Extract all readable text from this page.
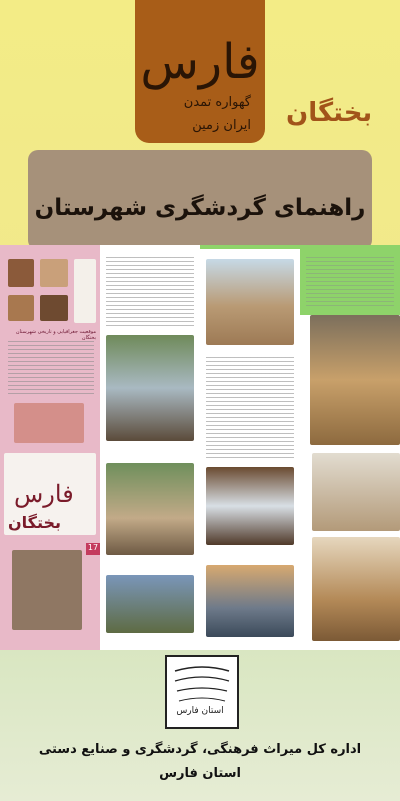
فارس
گهواره تمدن
ایران زمین بختگان
راهنمای گردشگری شهرستان
موقعیت جغرافیایی و تاریخی شهرستان بختگان
فارس
بختگان
17
استان فارس
اداره کل میراث فرهنگی، گردشگری و صنایع دستی
استان فارس
